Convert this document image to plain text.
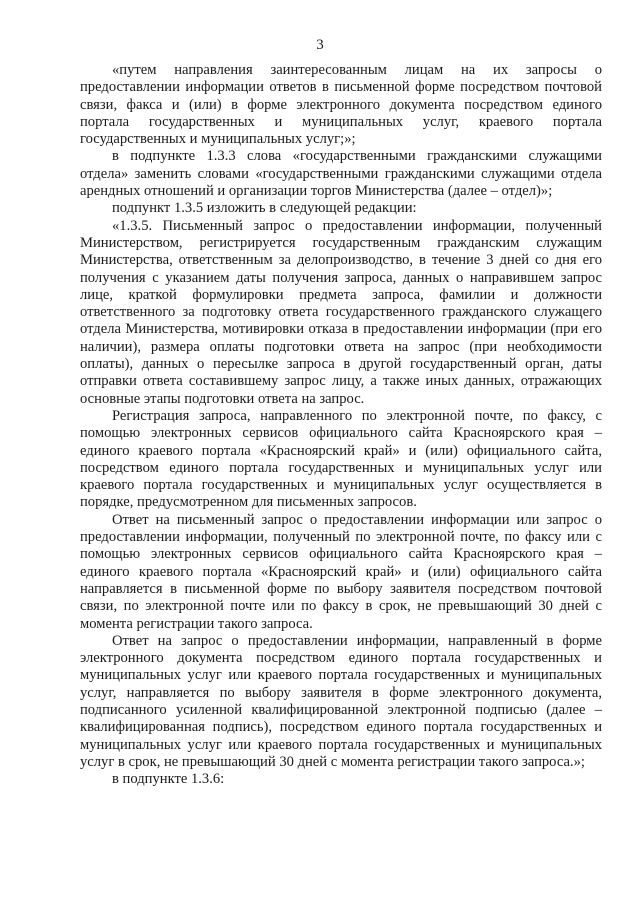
3

«путем направления заинтересованным лицам на их запросы о предоставлении информации ответов в письменной форме посредством почтовой связи, факса и (или) в форме электронного документа посредством единого портала государственных и муниципальных услуг, краевого портала государственных и муниципальных услуг;»;

в подпункте 1.3.3 слова «государственными гражданскими служащими отдела» заменить словами «государственными гражданскими служащими отдела арендных отношений и организации торгов Министерства (далее – отдел)»;

подпункт 1.3.5 изложить в следующей редакции:

«1.3.5. Письменный запрос о предоставлении информации, полученный Министерством, регистрируется государственным гражданским служащим Министерства, ответственным за делопроизводство, в течение 3 дней со дня его получения с указанием даты получения запроса, данных о направившем запрос лице, краткой формулировки предмета запроса, фамилии и должности ответственного за подготовку ответа государственного гражданского служащего отдела Министерства, мотивировки отказа в предоставлении информации (при его наличии), размера оплаты подготовки ответа на запрос (при необходимости оплаты), данных о пересылке запроса в другой государственный орган, даты отправки ответа составившему запрос лицу, а также иных данных, отражающих основные этапы подготовки ответа на запрос.

Регистрация запроса, направленного по электронной почте, по факсу, с помощью электронных сервисов официального сайта Красноярского края – единого краевого портала «Красноярский край» и (или) официального сайта, посредством единого портала государственных и муниципальных услуг или краевого портала государственных и муниципальных услуг осуществляется в порядке, предусмотренном для письменных запросов.

Ответ на письменный запрос о предоставлении информации или запрос о предоставлении информации, полученный по электронной почте, по факсу или с помощью электронных сервисов официального сайта Красноярского края – единого краевого портала «Красноярский край» и (или) официального сайта направляется в письменной форме по выбору заявителя посредством почтовой связи, по электронной почте или по факсу в срок, не превышающий 30 дней с момента регистрации такого запроса.

Ответ на запрос о предоставлении информации, направленный в форме электронного документа посредством единого портала государственных и муниципальных услуг или краевого портала государственных и муниципальных услуг, направляется по выбору заявителя в форме электронного документа, подписанного усиленной квалифицированной электронной подписью (далее – квалифицированная подпись), посредством единого портала государственных и муниципальных услуг или краевого портала государственных и муниципальных услуг в срок, не превышающий 30 дней с момента регистрации такого запроса.»;

в подпункте 1.3.6:
